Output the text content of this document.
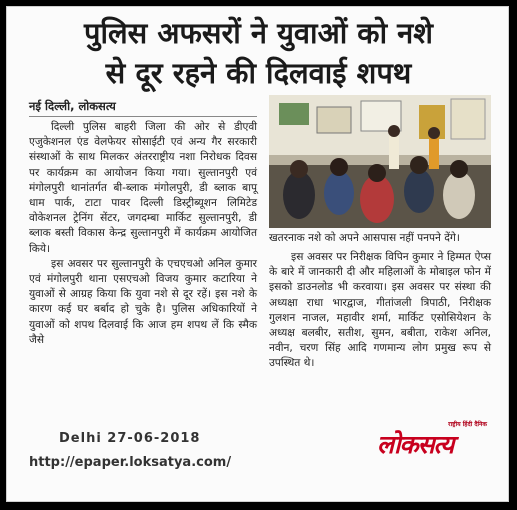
पुलिस अफसरों ने युवाओं को नशे
से दूर रहने की दिलवाई शपथ
नई दिल्ली, लोकसत्य

दिल्ली पुलिस बाहरी जिला की ओर से डीएवी एजुकेशनल एंड वेलफेयर सोसाईटी एवं अन्य गैर सरकारी संस्थाओं के साथ मिलकर अंतरराष्ट्रीय नशा निरोधक दिवस पर कार्यक्रम का आयोजन किया गया। सुल्तानपुरी एवं मंगोलपुरी थानांतर्गत बी-ब्लाक मंगोलपुरी, डी ब्लाक बापू धाम पार्क, टाटा पावर दिल्ली डिस्ट्रीब्यूशन लिमिटेड वोकेशनल ट्रेनिंग सेंटर, जगदम्बा मार्किट सुल्तानपुरी, डी ब्लाक बस्ती विकास केन्द्र सुल्तानपुरी में कार्यक्रम आयोजित किये।

इस अवसर पर सुल्तानपुरी के एचएचओ अनिल कुमार एवं मंगोलपुरी थाना एसएचओ विजय कुमार कटारिया ने युवाओं से आग्रह किया कि युवा नशे से दूर रहें। इस नशे के कारण कई घर बर्बाद हो चुके है। पुलिस अधिकारियों ने युवाओं को शपथ दिलवाई कि आज हम शपथ लें कि स्मैक जैसे

खतरनाक नशे को अपने आसपास नहीं पनपने देंगे।

इस अवसर पर निरीक्षक विपिन कुमार ने हिम्मत ऐप्स के बारे में जानकारी दी और महिलाओं के मोबाइल फोन में इसको डाउनलोड भी करवाया। इस अवसर पर संस्था की अध्यक्षा राधा भारद्वाज, गीतांजली त्रिपाठी, निरीक्षक गुलशन नाजल, महावीर शर्मा, मार्किट एसोसियेशन के अध्यक्ष बलबीर, सतीश, सुमन, बबीता, राकेश अनिल, नवीन, चरण सिंह आदि गणमान्य लोग प्रमुख रूप से उपस्थित थे।

Delhi 27-06-2018
http://epaper.loksatya.com/
राष्ट्रीय हिंदी दैनिक
लोकसत्य
